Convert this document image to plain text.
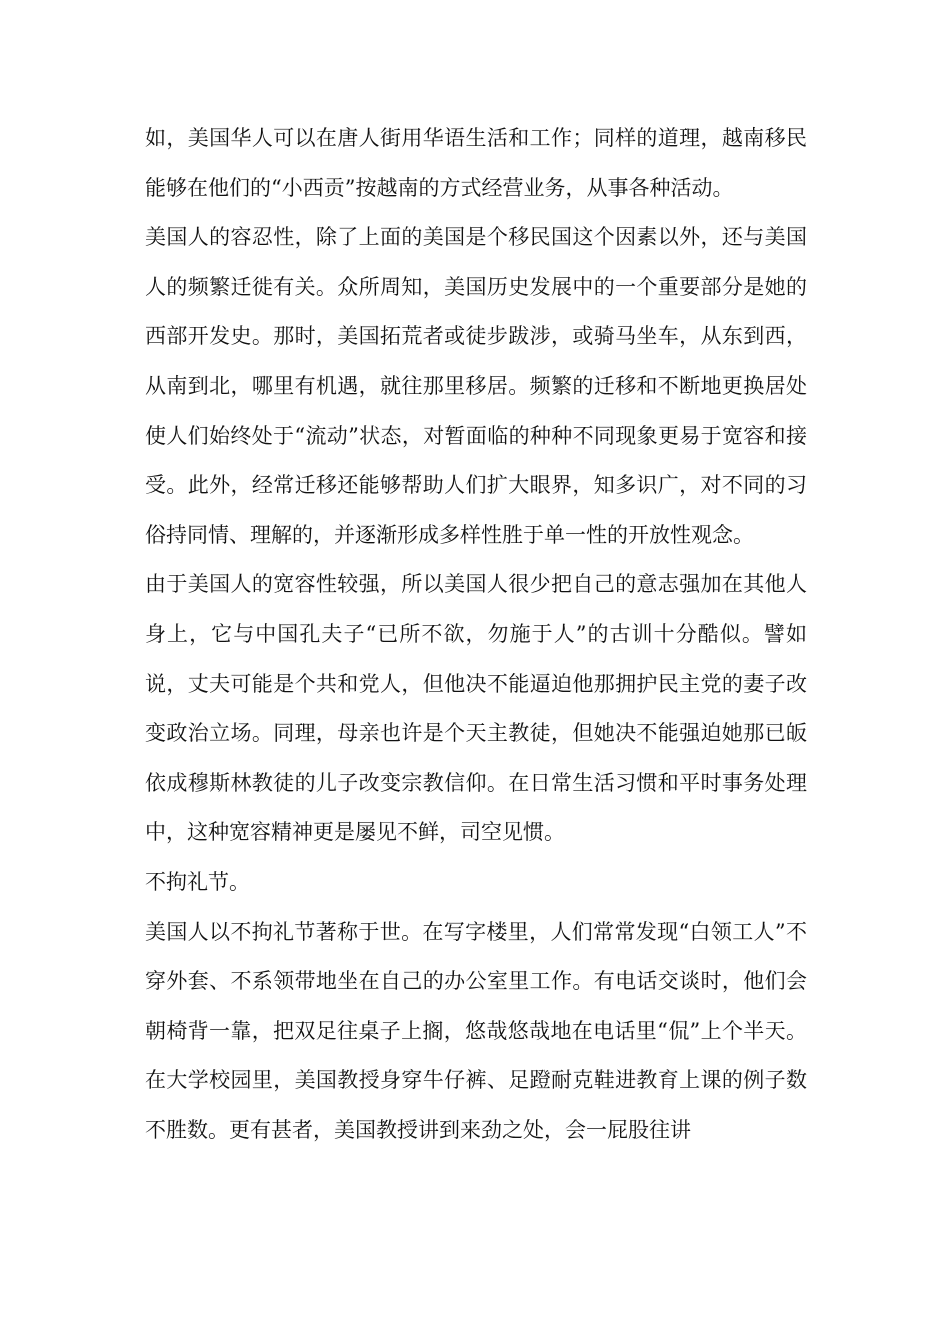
如，美国华人可以在唐人街用华语生活和工作；同样的道理，越南移民能够在他们的“小西贡”按越南的方式经营业务，从事各种活动。

美国人的容忍性，除了上面的美国是个移民国这个因素以外，还与美国人的频繁迁徙有关。众所周知，美国历史发展中的一个重要部分是她的西部开发史。那时，美国拓荒者或徒步跋涉，或骑马坐车，从东到西，从南到北，哪里有机遇，就往那里移居。频繁的迁移和不断地更换居处使人们始终处于“流动”状态，对暂面临的种种不同现象更易于宽容和接受。此外，经常迁移还能够帮助人们扩大眼界，知多识广，对不同的习俗持同情、理解的，并逐渐形成多样性胜于单一性的开放性观念。

由于美国人的宽容性较强，所以美国人很少把自己的意志强加在其他人身上，它与中国孔夫子“已所不欲，勿施于人”的古训十分酷似。譬如说，丈夫可能是个共和党人，但他决不能逼迫他那拥护民主党的妻子改变政治立场。同理，母亲也许是个天主教徒，但她决不能强迫她那已皈依成穆斯林教徒的儿子改变宗教信仰。在日常生活习惯和平时事务处理中，这种宽容精神更是屡见不鲜，司空见惯。

不拘礼节。

美国人以不拘礼节著称于世。在写字楼里，人们常常发现“白领工人”不穿外套、不系领带地坐在自己的办公室里工作。有电话交谈时，他们会朝椅背一靠，把双足往桌子上搁，悠哉悠哉地在电话里“侃”上个半天。在大学校园里，美国教授身穿牛仔裤、足蹬耐克鞋进教育上课的例子数不胜数。更有甚者，美国教授讲到来劲之处，会一屁股往讲
